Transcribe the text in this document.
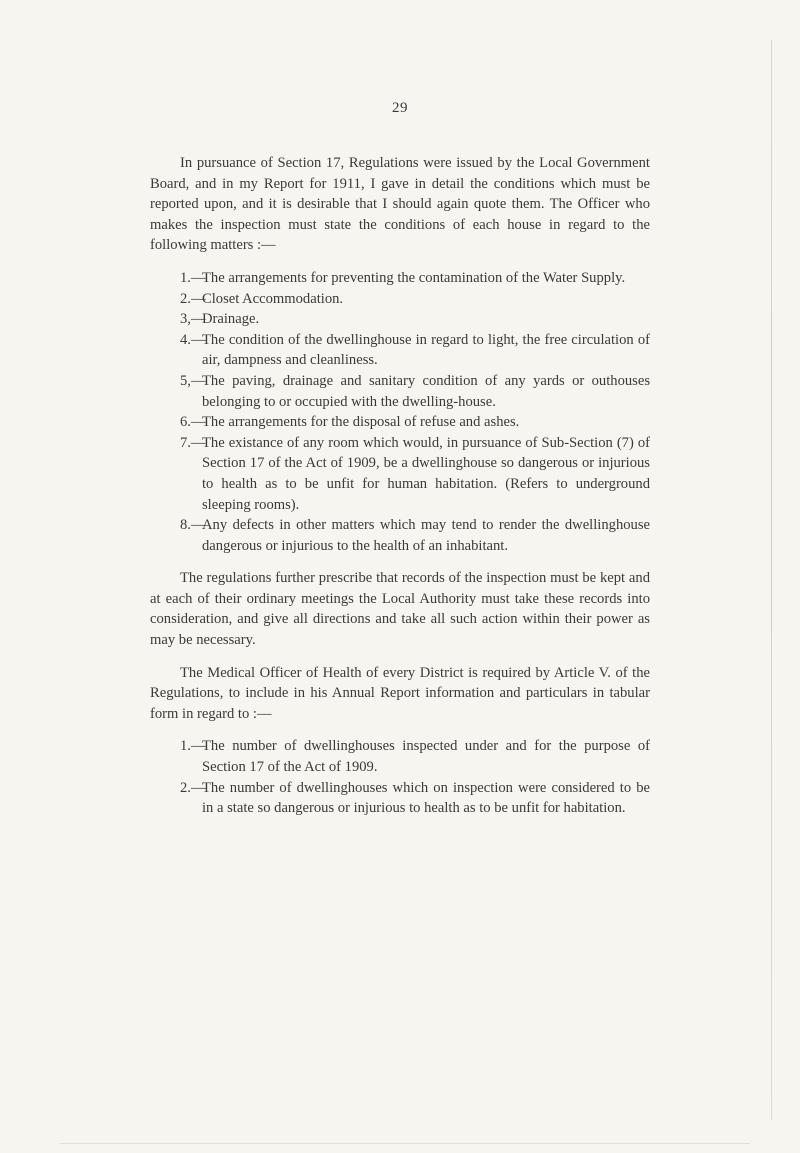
29

In pursuance of Section 17, Regulations were issued by the Local Government Board, and in my Report for 1911, I gave in detail the conditions which must be reported upon, and it is desirable that I should again quote them. The Officer who makes the inspection must state the conditions of each house in regard to the following matters :—

1.—
The arrangements for preventing the contamination of the Water Supply.
2.—
Closet Accommodation.
3,—
Drainage.
4.—
The condition of the dwellinghouse in regard to light, the free circulation of air, dampness and cleanliness.
5,—
The paving, drainage and sanitary condition of any yards or outhouses belonging to or occupied with the dwelling-house.
6.—
The arrangements for the disposal of refuse and ashes.
7.—
The existance of any room which would, in pursuance of Sub-Section (7) of Section 17 of the Act of 1909, be a dwellinghouse so dangerous or injurious to health as to be unfit for human habitation. (Refers to underground sleeping rooms).
8.—
Any defects in other matters which may tend to render the dwellinghouse dangerous or injurious to the health of an inhabitant.

The regulations further prescribe that records of the inspection must be kept and at each of their ordinary meetings the Local Authority must take these records into consideration, and give all directions and take all such action within their power as may be necessary.

The Medical Officer of Health of every District is required by Article V. of the Regulations, to include in his Annual Report information and particulars in tabular form in regard to :—

1.—
The number of dwellinghouses inspected under and for the purpose of Section 17 of the Act of 1909.
2.—
The number of dwellinghouses which on inspection were considered to be in a state so dangerous or injurious to health as to be unfit for habitation.
